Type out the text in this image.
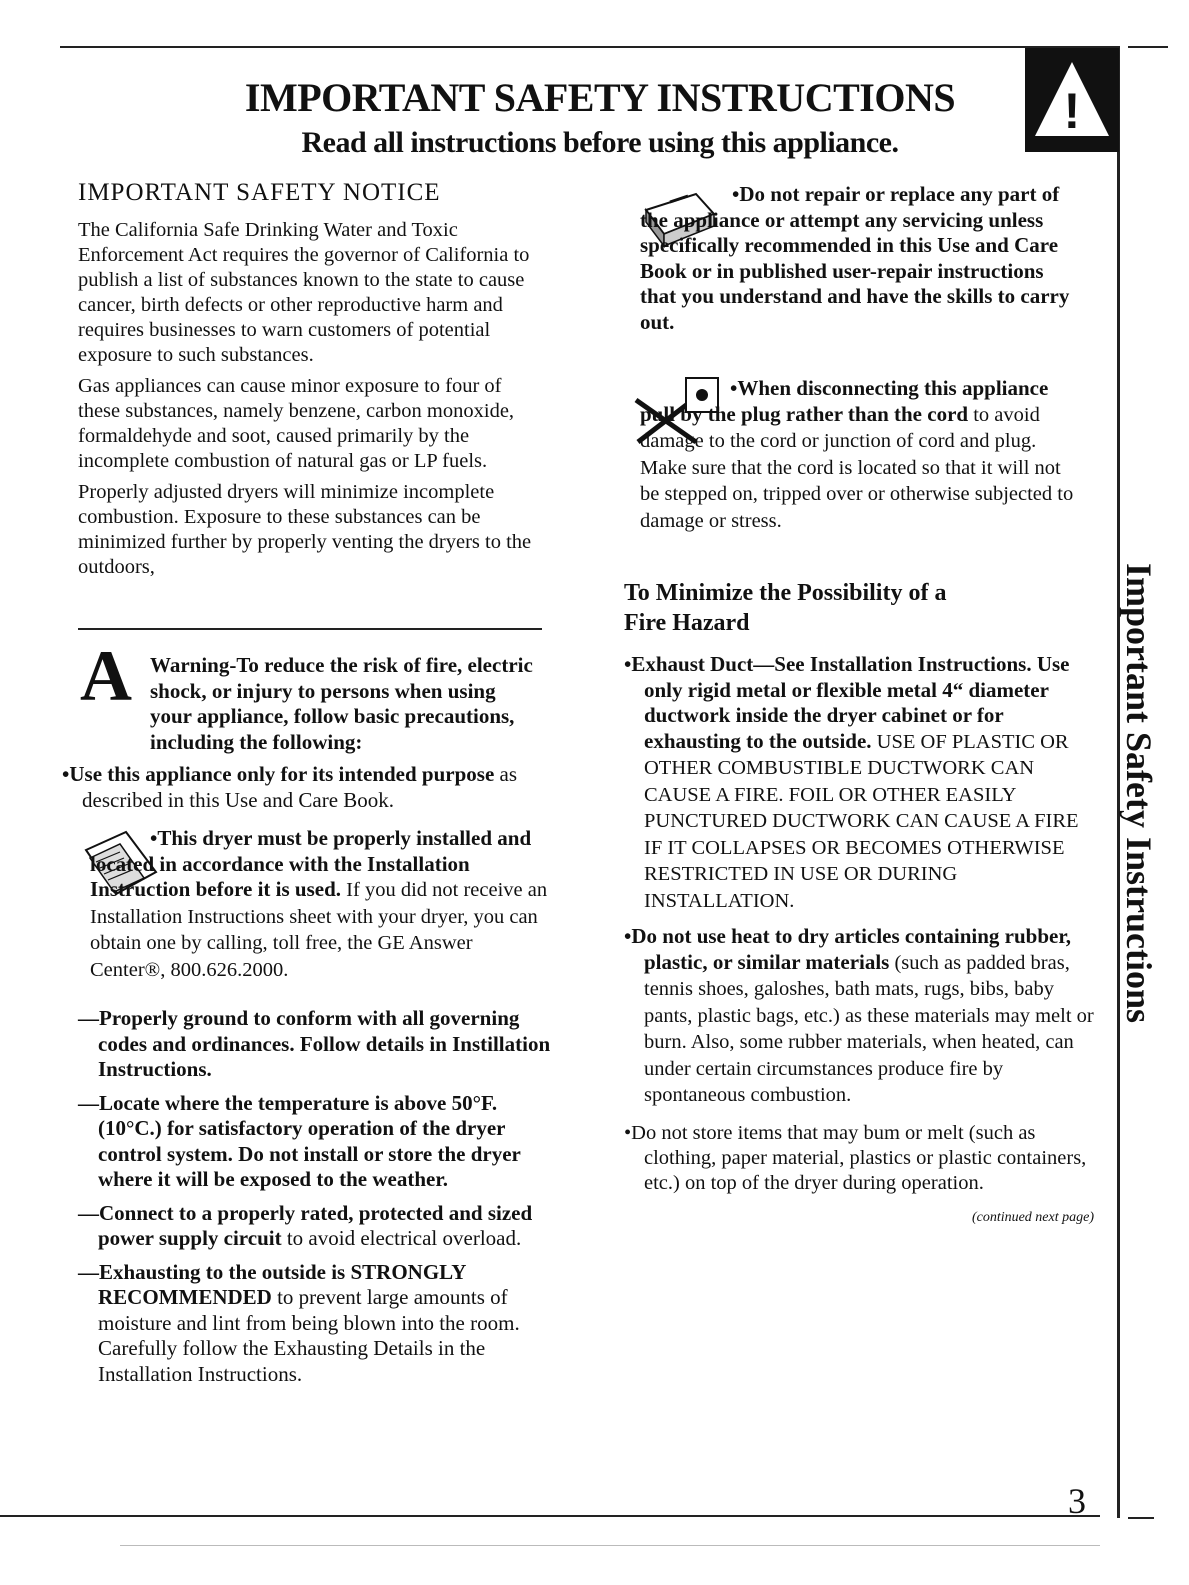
IMPORTANT SAFETY INSTRUCTIONS
Read all instructions before using this appliance.
!
Important Safety Instructions

IMPORTANT SAFETY NOTICE

The California Safe Drinking Water and Toxic Enforcement Act requires the governor of California to publish a list of substances known to the state to cause cancer, birth defects or other reproductive harm and requires businesses to warn customers of potential exposure to such substances.

Gas appliances can cause minor exposure to four of these substances, namely benzene, carbon monoxide, formaldehyde and soot, caused primarily by the incomplete combustion of natural gas or LP fuels.

Properly adjusted dryers will minimize incomplete combustion. Exposure to these substances can be minimized further by properly venting the dryers to the outdoors,

A Warning-To reduce the risk of fire, electric shock, or injury to persons when using your appliance, follow basic precautions, including the following:

•Use this appliance only for its intended purpose as described in this Use and Care Book.

•This dryer must be properly installed and located in accordance with the Installation Instruction before it is used. If you did not receive an Installation Instructions sheet with your dryer, you can obtain one by calling, toll free, the GE Answer Center®, 800.626.2000.

—Properly ground to conform with all governing codes and ordinances. Follow details in Instillation Instructions.

—Locate where the temperature is above 50°F. (10°C.) for satisfactory operation of the dryer control system. Do not install or store the dryer where it will be exposed to the weather.

—Connect to a properly rated, protected and sized power supply circuit to avoid electrical overload.

—Exhausting to the outside is STRONGLY RECOMMENDED to prevent large amounts of moisture and lint from being blown into the room. Carefully follow the Exhausting Details in the Installation Instructions.

•Do not repair or replace any part of the appliance or attempt any servicing unless specifically recommended in this Use and Care Book or in published user-repair instructions that you understand and have the skills to carry out.

•When disconnecting this appliance pull by the plug rather than the cord to avoid damage to the cord or junction of cord and plug. Make sure that the cord is located so that it will not be stepped on, tripped over or otherwise subjected to damage or stress.

To Minimize the Possibility of a Fire Hazard

•Exhaust Duct—See Installation Instructions. Use only rigid metal or flexible metal 4“ diameter ductwork inside the dryer cabinet or for exhausting to the outside. USE OF PLASTIC OR OTHER COMBUSTIBLE DUCTWORK CAN CAUSE A FIRE. FOIL OR OTHER EASILY PUNCTURED DUCTWORK CAN CAUSE A FIRE IF IT COLLAPSES OR BECOMES OTHERWISE RESTRICTED IN USE OR DURING INSTALLATION.

•Do not use heat to dry articles containing rubber, plastic, or similar materials (such as padded bras, tennis shoes, galoshes, bath mats, rugs, bibs, baby pants, plastic bags, etc.) as these materials may melt or burn. Also, some rubber materials, when heated, can under certain circumstances produce fire by spontaneous combustion.

•Do not store items that may bum or melt (such as clothing, paper material, plastics or plastic containers, etc.) on top of the dryer during operation.

(continued next page)

3
